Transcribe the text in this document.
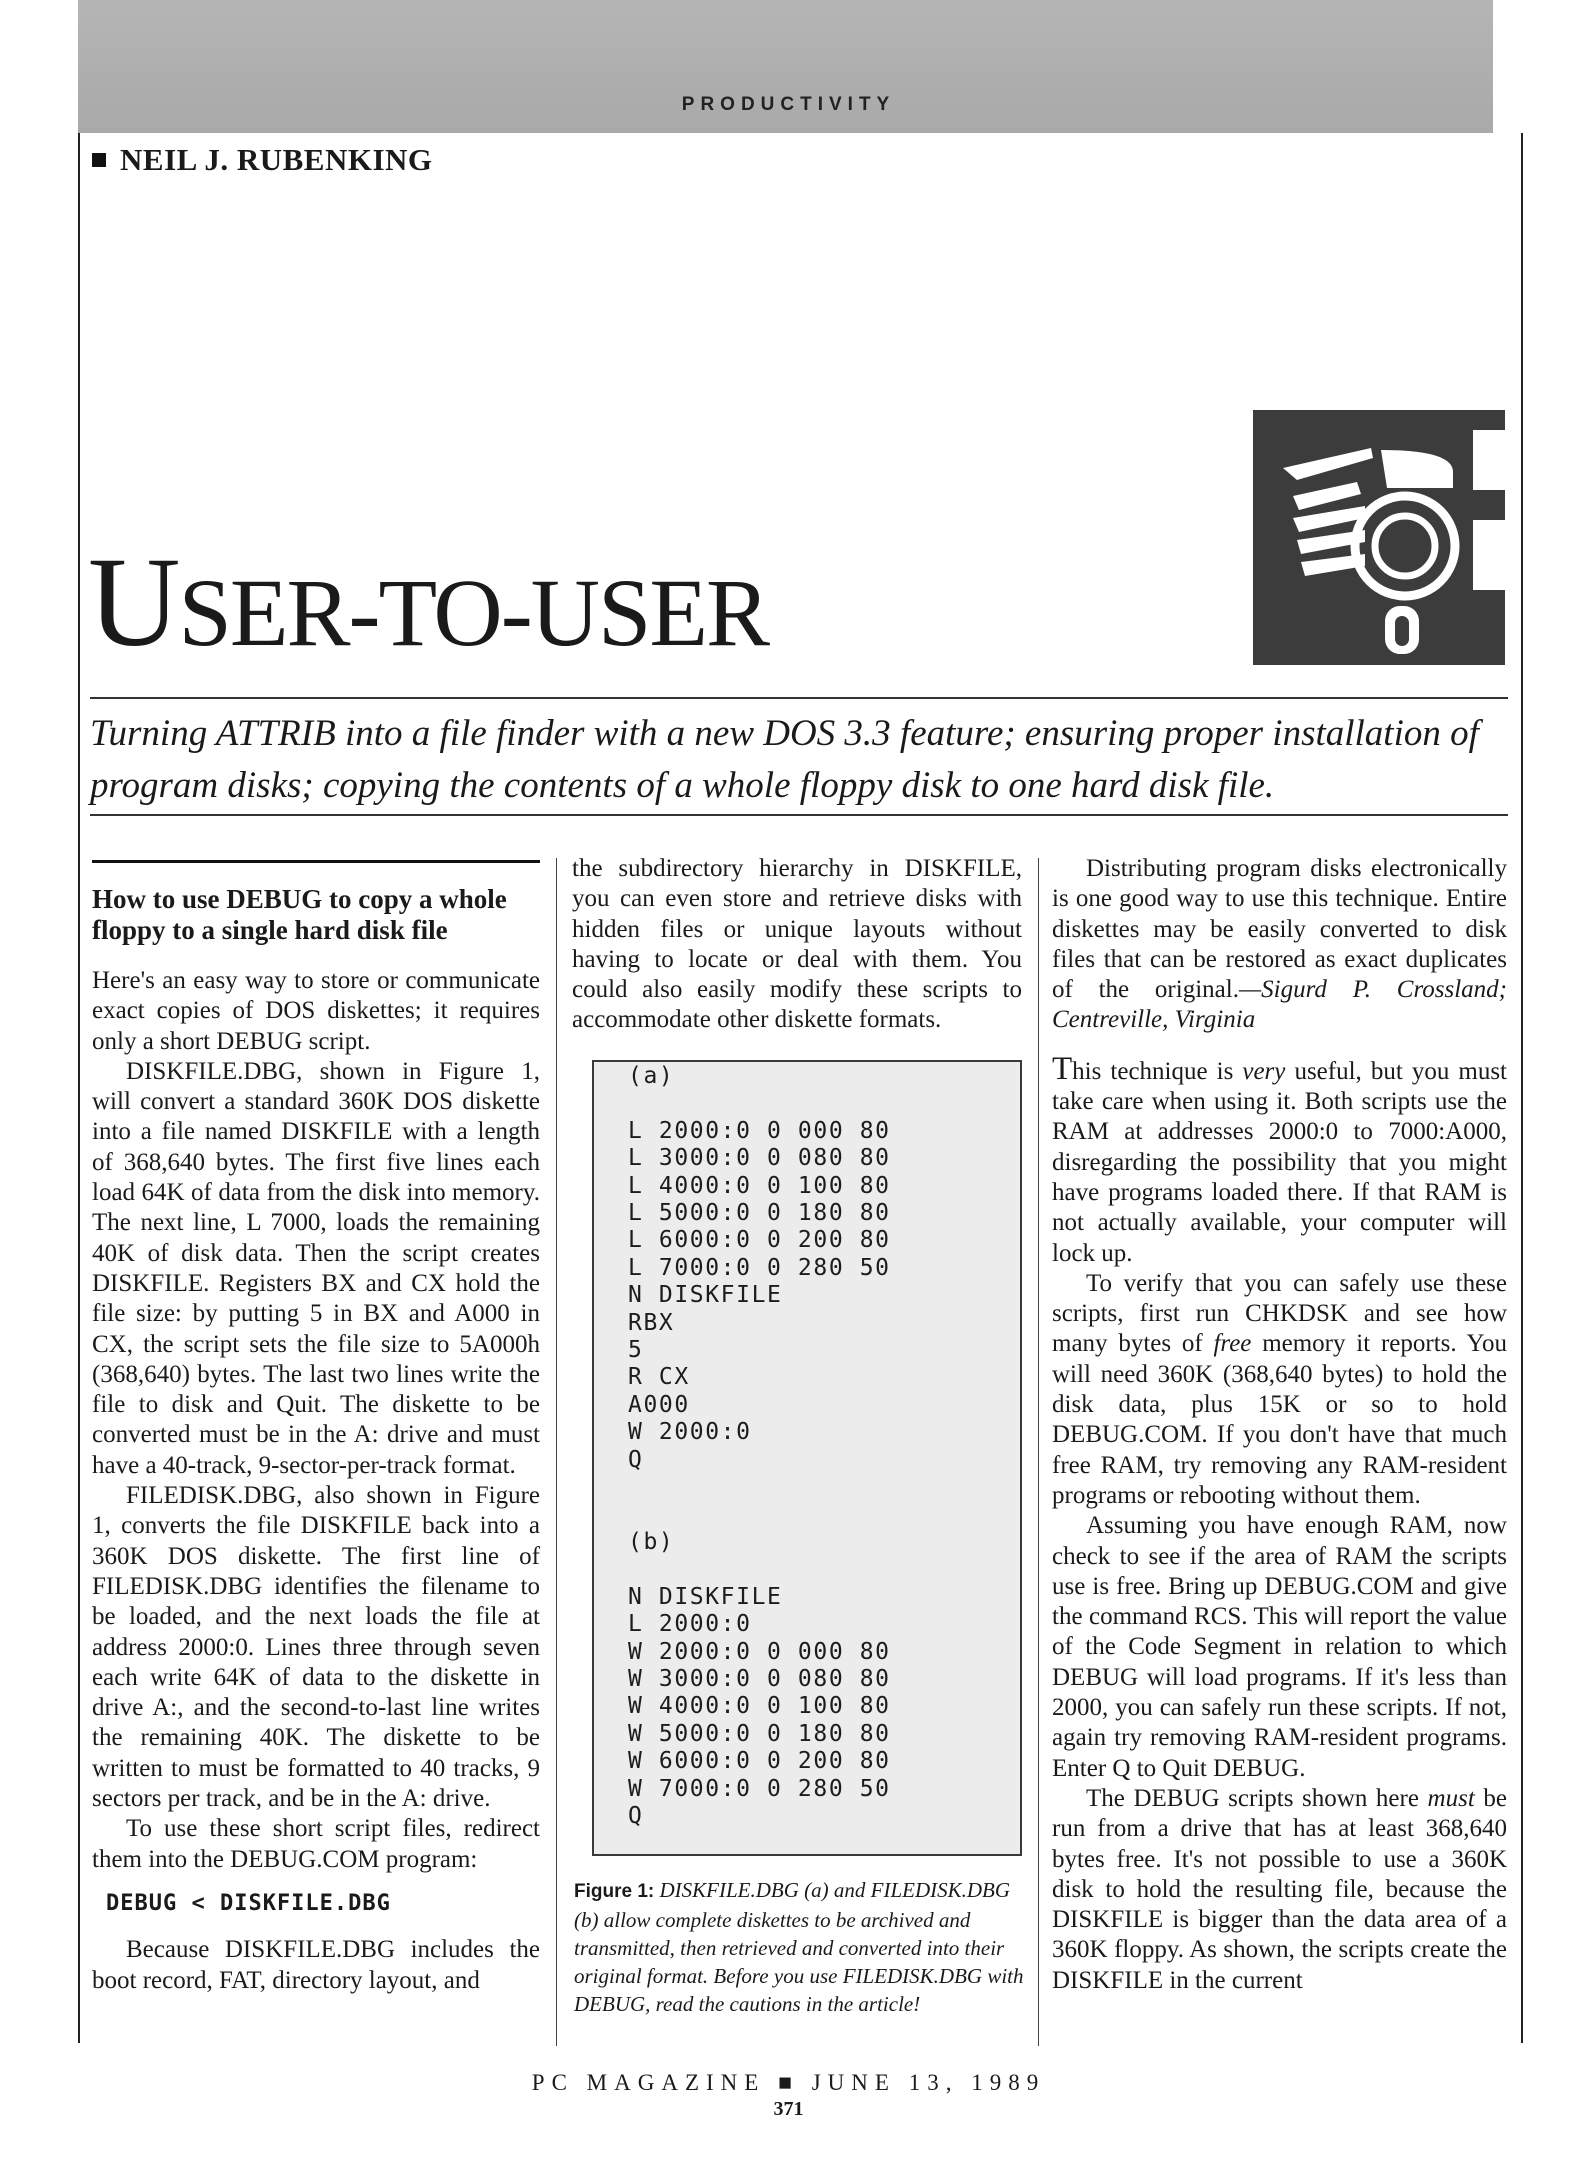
PRODUCTIVITY
NEIL J. RUBENKING
USER-TO-USER
Turning ATTRIB into a file finder with a new DOS 3.3 feature; ensuring proper installation of program disks; copying the contents of a whole floppy disk to one hard disk file.
How to use DEBUG to copy a whole floppy to a single hard disk file

Here's an easy way to store or communicate exact copies of DOS diskettes; it requires only a short DEBUG script.

DISKFILE.DBG, shown in Figure 1, will convert a standard 360K DOS diskette into a file named DISKFILE with a length of 368,640 bytes. The first five lines each load 64K of data from the disk into memory. The next line, L 7000, loads the remaining 40K of disk data. Then the script creates DISKFILE. Registers BX and CX hold the file size: by putting 5 in BX and A000 in CX, the script sets the file size to 5A000h (368,640) bytes. The last two lines write the file to disk and Quit. The diskette to be converted must be in the A: drive and must have a 40-track, 9-sector-per-track format.

FILEDISK.DBG, also shown in Figure 1, converts the file DISKFILE back into a 360K DOS diskette. The first line of FILEDISK.DBG identifies the filename to be loaded, and the next loads the file at address 2000:0. Lines three through seven each write 64K of data to the diskette in drive A:, and the second-to-last line writes the remaining 40K. The diskette to be written to must be formatted to 40 tracks, 9 sectors per track, and be in the A: drive.

To use these short script files, redirect them into the DEBUG.COM program:

DEBUG < DISKFILE.DBG

Because DISKFILE.DBG includes the boot record, FAT, directory layout, and

the subdirectory hierarchy in DISKFILE, you can even store and retrieve disks with hidden files or unique layouts without having to locate or deal with them. You could also easily modify these scripts to accommodate other diskette formats.

(a)

L 2000:0 0 000 80
L 3000:0 0 080 80
L 4000:0 0 100 80
L 5000:0 0 180 80
L 6000:0 0 200 80
L 7000:0 0 280 50
N DISKFILE
RBX
5
R CX
A000
W 2000:0
Q

(b)

N DISKFILE
L 2000:0
W 2000:0 0 000 80
W 3000:0 0 080 80
W 4000:0 0 100 80
W 5000:0 0 180 80
W 6000:0 0 200 80
W 7000:0 0 280 50
Q

Figure 1: DISKFILE.DBG (a) and FILEDISK.DBG (b) allow complete diskettes to be archived and transmitted, then retrieved and converted into their original format. Before you use FILEDISK.DBG with DEBUG, read the cautions in the article!

Distributing program disks electronically is one good way to use this technique. Entire diskettes may be easily converted to disk files that can be restored as exact duplicates of the original.—Sigurd P. Crossland; Centreville, Virginia

This technique is very useful, but you must take care when using it. Both scripts use the RAM at addresses 2000:0 to 7000:A000, disregarding the possibility that you might have programs loaded there. If that RAM is not actually available, your computer will lock up.

To verify that you can safely use these scripts, first run CHKDSK and see how many bytes of free memory it reports. You will need 360K (368,640 bytes) to hold the disk data, plus 15K or so to hold DEBUG.COM. If you don't have that much free RAM, try removing any RAM-resident programs or rebooting without them.

Assuming you have enough RAM, now check to see if the area of RAM the scripts use is free. Bring up DEBUG.COM and give the command RCS. This will report the value of the Code Segment in relation to which DEBUG will load programs. If it's less than 2000, you can safely run these scripts. If not, again try removing RAM-resident programs. Enter Q to Quit DEBUG.

The DEBUG scripts shown here must be run from a drive that has at least 368,640 bytes free. It's not possible to use a 360K disk to hold the resulting file, because the DISKFILE is bigger than the data area of a 360K floppy. As shown, the scripts create the DISKFILE in the current

PC MAGAZINE ■ JUNE 13, 1989
371
